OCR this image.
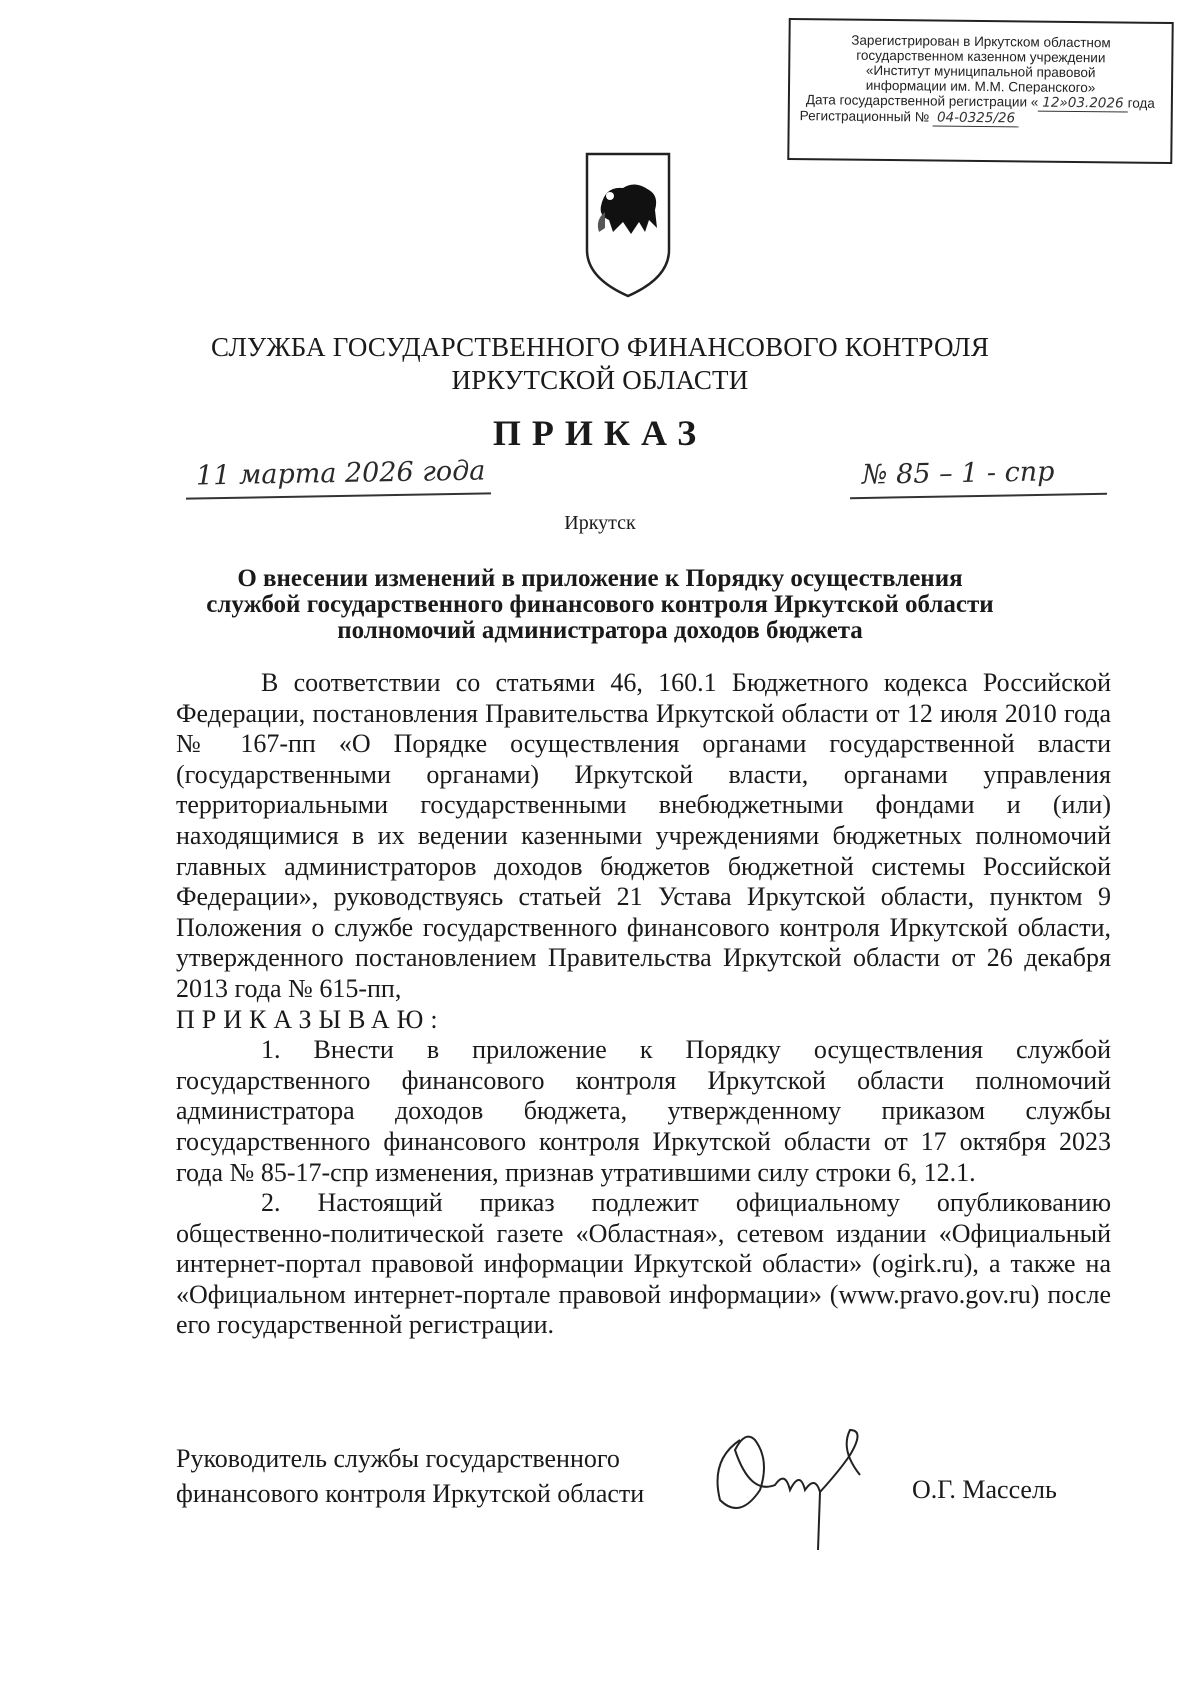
Зарегистрирован в Иркутском областном
государственном казенном учреждении
«Институт муниципальной правовой
информации им. М.М. Сперанского»
Дата государственной регистрации « 12»03.2026 года
Регистрационный № 04-0325/26
СЛУЖБА ГОСУДАРСТВЕННОГО ФИНАНСОВОГО КОНТРОЛЯ
ИРКУТСКОЙ ОБЛАСТИ
ПРИКАЗ
11 марта 2026 года	№ 85 – 1 - спр
Иркутск
О внесении изменений в приложение к Порядку осуществления
службой государственного финансового контроля Иркутской области
полномочий администратора доходов бюджета

В соответствии со статьями 46, 160.1 Бюджетного кодекса Российской Федерации, постановления Правительства Иркутской области от 12 июля 2010 года № 167-пп «О Порядке осуществления органами государственной власти (государственными органами) Иркутской власти, органами управления территориальными государственными внебюджетными фондами и (или) находящимися в их ведении казенными учреждениями бюджетных полномочий главных администраторов доходов бюджетов бюджетной системы Российской Федерации», руководствуясь статьей 21 Устава Иркутской области, пунктом 9 Положения о службе государственного финансового контроля Иркутской области, утвержденного постановлением Правительства Иркутской области от 26 декабря 2013 года № 615-пп,

ПРИКАЗЫВАЮ:

1. Внести в приложение к Порядку осуществления службой государственного финансового контроля Иркутской области полномочий администратора доходов бюджета, утвержденному приказом службы государственного финансового контроля Иркутской области от 17 октября 2023 года № 85-17-спр изменения, признав утратившими силу строки 6, 12.1.

2. Настоящий приказ подлежит официальному опубликованию общественно-политической газете «Областная», сетевом издании «Официальный интернет-портал правовой информации Иркутской области» (ogirk.ru), а также на «Официальном интернет-портале правовой информации» (www.pravo.gov.ru) после его государственной регистрации.

Руководитель службы государственного
финансового контроля Иркутской области	О.Г. Массель
